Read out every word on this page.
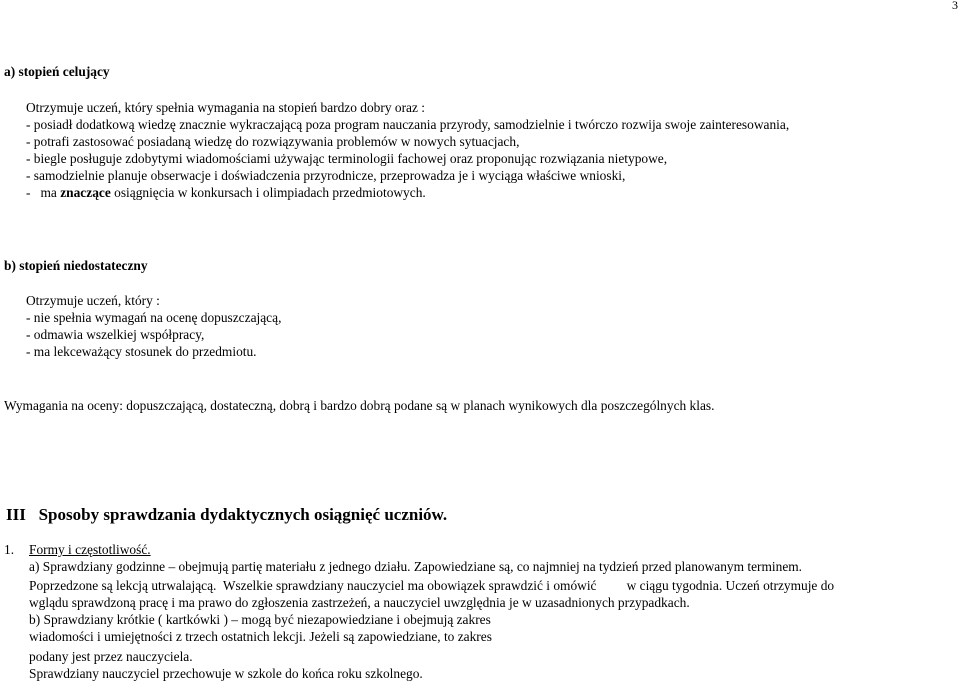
3
a) stopień celujący
Otrzymuje uczeń, który spełnia wymagania na stopień bardzo dobry oraz :
- posiadł dodatkową wiedzę znacznie wykraczającą poza program nauczania przyrody, samodzielnie i twórczo rozwija swoje zainteresowania,
- potrafi zastosować posiadaną wiedzę do rozwiązywania problemów w nowych sytuacjach,
- biegle posługuje zdobytymi wiadomościami używając terminologii fachowej oraz proponując rozwiązania nietypowe,
- samodzielnie planuje obserwacje i doświadczenia przyrodnicze, przeprowadza je i wyciąga właściwe wnioski,
-   ma znaczące osiągnięcia w konkursach i olimpiadach przedmiotowych.
b) stopień niedostateczny
Otrzymuje uczeń, który :
- nie spełnia wymagań na ocenę dopuszczającą,
- odmawia wszelkiej współpracy,
- ma lekceważący stosunek do przedmiotu.
Wymagania na oceny: dopuszczającą, dostateczną, dobrą i bardzo dobrą podane są w planach wynikowych dla poszczególnych klas.
III   Sposoby sprawdzania dydaktycznych osiągnięć uczniów.
1. Formy i częstotliwość.
a) Sprawdziany godzinne – obejmują partię materiału z jednego działu. Zapowiedziane są, co najmniej na tydzień przed planowanym terminem.
Poprzedzone są lekcją utrwalającą.  Wszelkie sprawdziany nauczyciel ma obowiązek sprawdzić i omówić         w ciągu tygodnia. Uczeń otrzymuje do
wglądu sprawdzoną pracę i ma prawo do zgłoszenia zastrzeżeń, a nauczyciel uwzględnia je w uzasadnionych przypadkach.
b) Sprawdziany krótkie ( kartkówki ) – mogą być niezapowiedziane i obejmują zakres
wiadomości i umiejętności z trzech ostatnich lekcji. Jeżeli są zapowiedziane, to zakres
podany jest przez nauczyciela.
Sprawdziany nauczyciel przechowuje w szkole do końca roku szkolnego.
